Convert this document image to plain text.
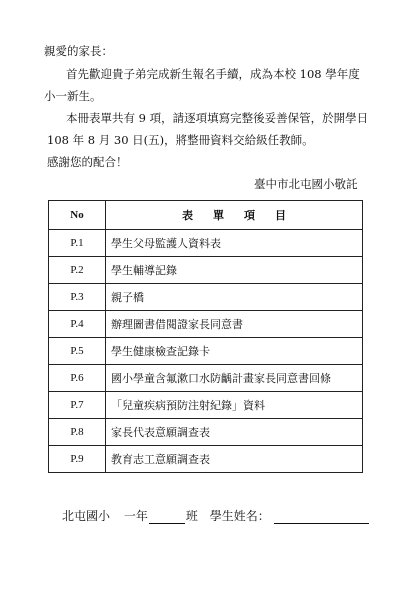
親愛的家長：
首先歡迎貴子弟完成新生報名手續，成為本校 108 學年度
小一新生。
本冊表單共有 9 項，請逐項填寫完整後妥善保管，於開學日
108 年 8 月 30 日(五)，將整冊資料交給級任教師。
感謝您的配合！
臺中市北屯國小敬託
No	表單項目
P.1	學生父母監護人資料表
P.2	學生輔導記錄
P.3	親子橋
P.4	辦理圖書借閱證家長同意書
P.5	學生健康檢查記錄卡
P.6	國小學童含氟漱口水防齲計畫家長同意書回條
P.7	「兒童疾病預防注射紀錄」資料
P.8	家長代表意願調查表
P.9	教育志工意願調查表
北屯國小 一年	班 學生姓名：
